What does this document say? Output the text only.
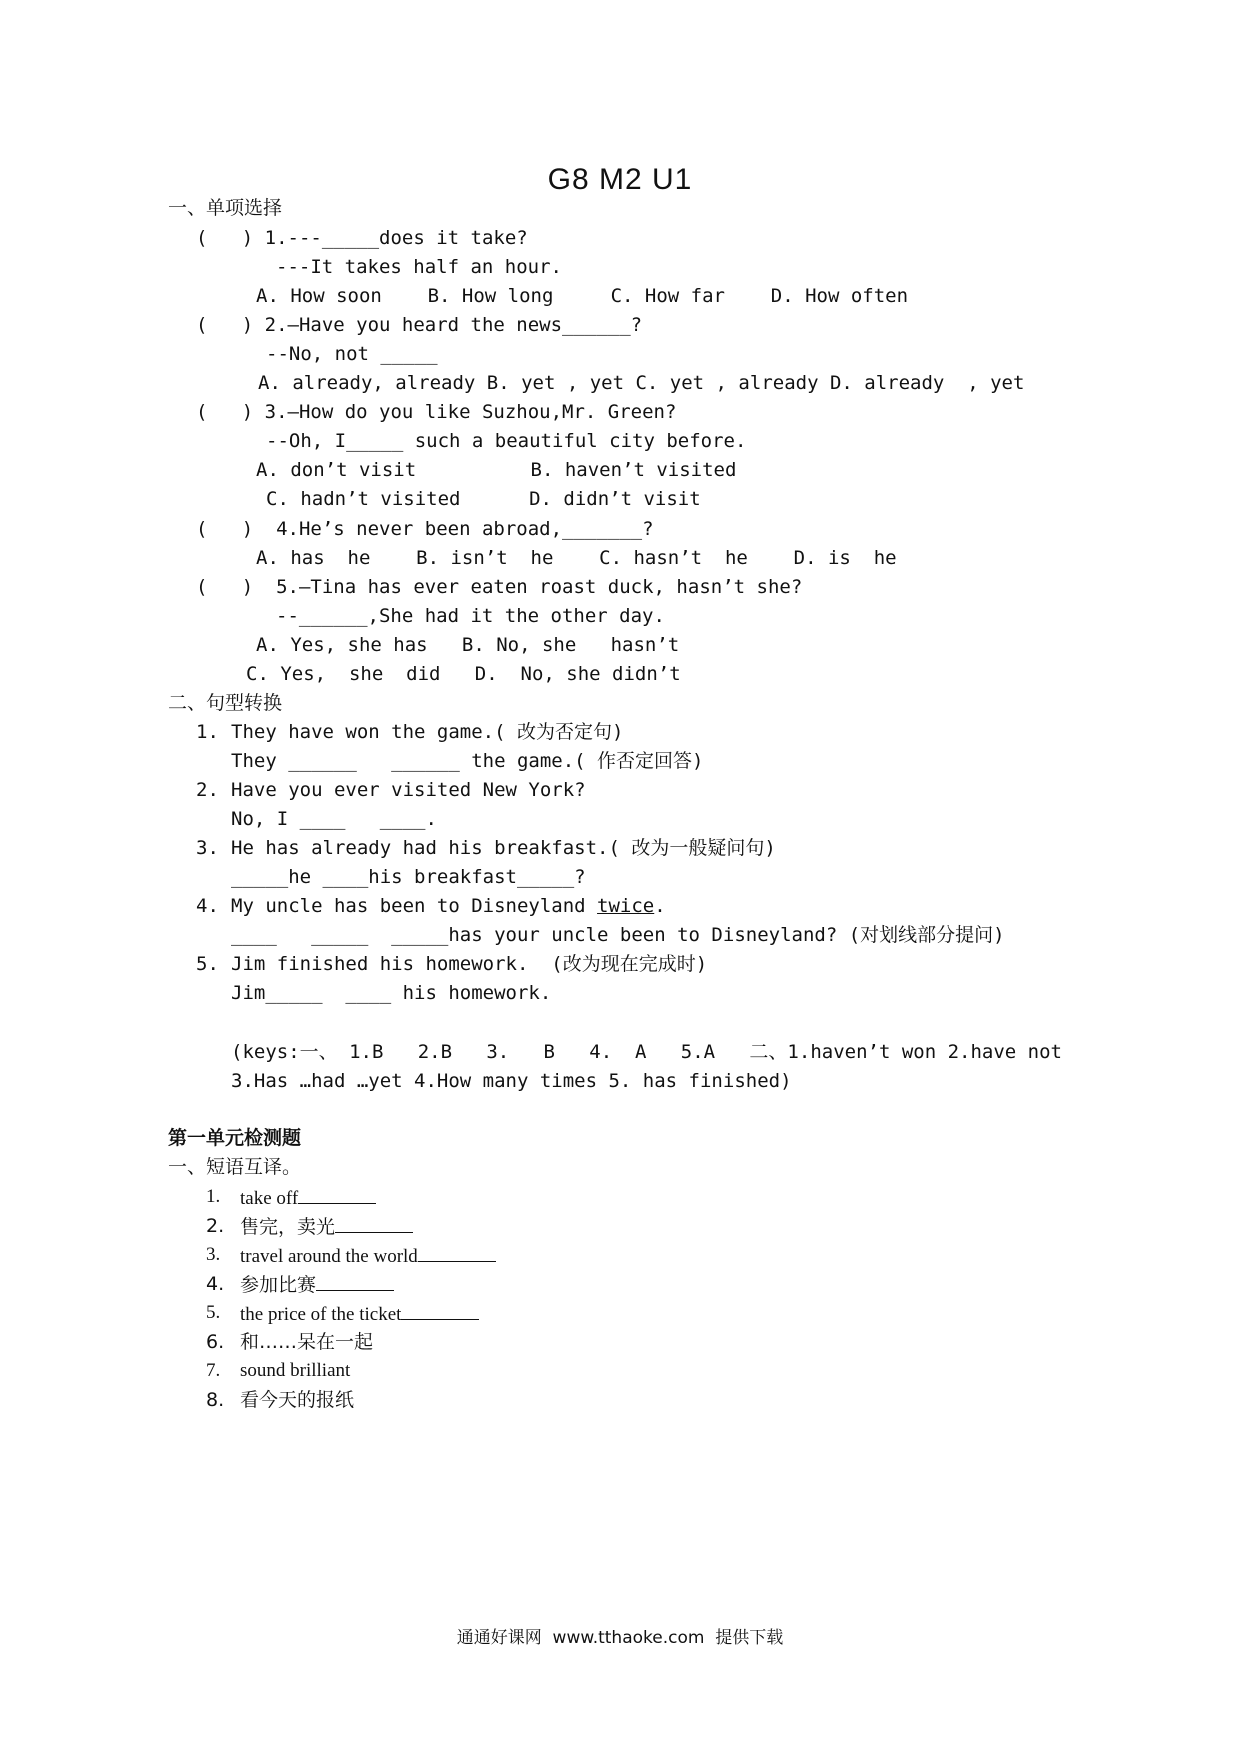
G8 M2 U1
一、单项选择
(   ) 1.---_____does it take?
---It takes half an hour.
A. How soon    B. How long     C. How far    D. How often
(   ) 2.—Have you heard the news______?
--No, not _____
A. already, already B. yet , yet C. yet , already D. already  , yet
(   ) 3.—How do you like Suzhou,Mr. Green?
--Oh, I_____ such a beautiful city before.
A. don’t visit          B. haven’t visited
C. hadn’t visited      D. didn’t visit
(   )  4.He’s never been abroad,_______?
A. has  he    B. isn’t  he    C. hasn’t  he    D. is  he
(   )  5.—Tina has ever eaten roast duck, hasn’t she?
--______,She had it the other day.
A. Yes, she has   B. No, she   hasn’t
C. Yes,  she  did   D.  No, she didn’t
二、句型转换
1. They have won the game.( 改为否定句)
They ______   ______ the game.( 作否定回答)
2. Have you ever visited New York?
No, I ____   ____.
3. He has already had his breakfast.( 改为一般疑问句)
_____he ____his breakfast_____?
4. My uncle has been to Disneyland twice.
____   _____  _____has your uncle been to Disneyland? (对划线部分提问)
5. Jim finished his homework.  (改为现在完成时)
Jim_____  ____ his homework.
(keys:一、 1.B   2.B   3.   B   4.  A   5.A   二、1.haven’t won 2.have not
3.Has …had …yet 4.How many times 5. has finished)
第一单元检测题
一、短语互译。
1. take off
2. 售完，卖光
3. travel around the world
4. 参加比赛
5. the price of the ticket
6. 和……呆在一起
7. sound brilliant
8. 看今天的报纸
通通好课网  www.tthaoke.com  提供下载
